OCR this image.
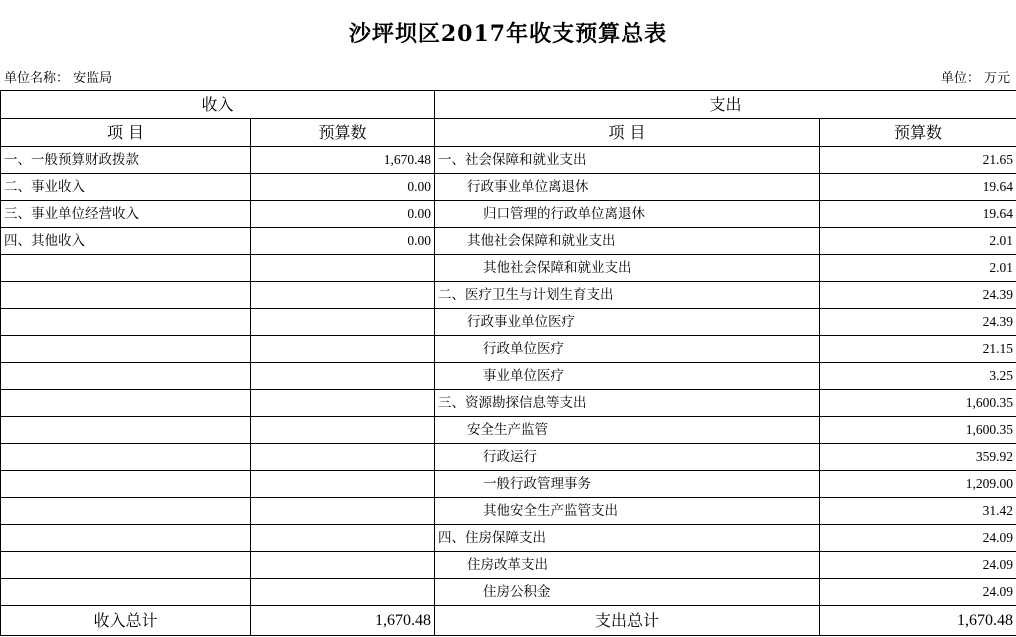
沙坪坝区2017年收支预算总表
单位名称： 安监局	单位： 万元
收入		支出	
项 目	预算数	项 目	预算数
一、一般预算财政拨款	1,670.48	一、社会保障和就业支出	21.65
二、事业收入	0.00	行政事业单位离退休	19.64
三、事业单位经营收入	0.00	归口管理的行政单位离退休	19.64
四、其他收入	0.00	其他社会保障和就业支出	2.01
		其他社会保障和就业支出	2.01
		二、医疗卫生与计划生育支出	24.39
		行政事业单位医疗	24.39
		行政单位医疗	21.15
		事业单位医疗	3.25
		三、资源勘探信息等支出	1,600.35
		安全生产监管	1,600.35
		行政运行	359.92
		一般行政管理事务	1,209.00
		其他安全生产监管支出	31.42
		四、住房保障支出	24.09
		住房改革支出	24.09
		住房公积金	24.09
收入总计	1,670.48	支出总计	1,670.48
